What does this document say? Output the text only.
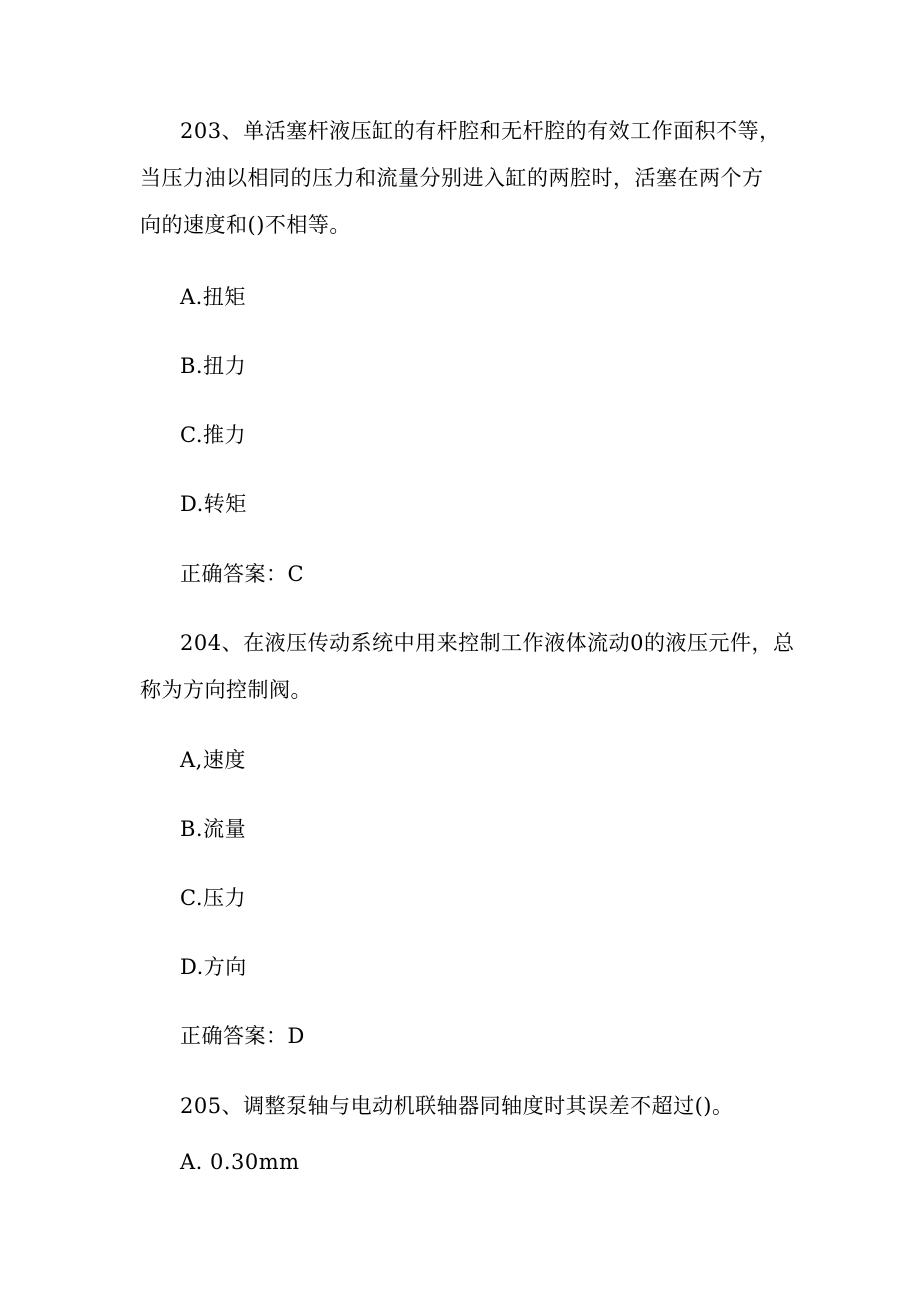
203、单活塞杆液压缸的有杆腔和无杆腔的有效工作面积不等，
当压力油以相同的压力和流量分别进入缸的两腔时，活塞在两个方
向的速度和()不相等。
A.扭矩
B.扭力
C.推力
D.转矩
正确答案：C
204、在液压传动系统中用来控制工作液体流动0的液压元件，总
称为方向控制阀。
A,速度
B.流量
C.压力
D.方向
正确答案：D
205、调整泵轴与电动机联轴器同轴度时其误差不超过()。
A. 0.30mm
